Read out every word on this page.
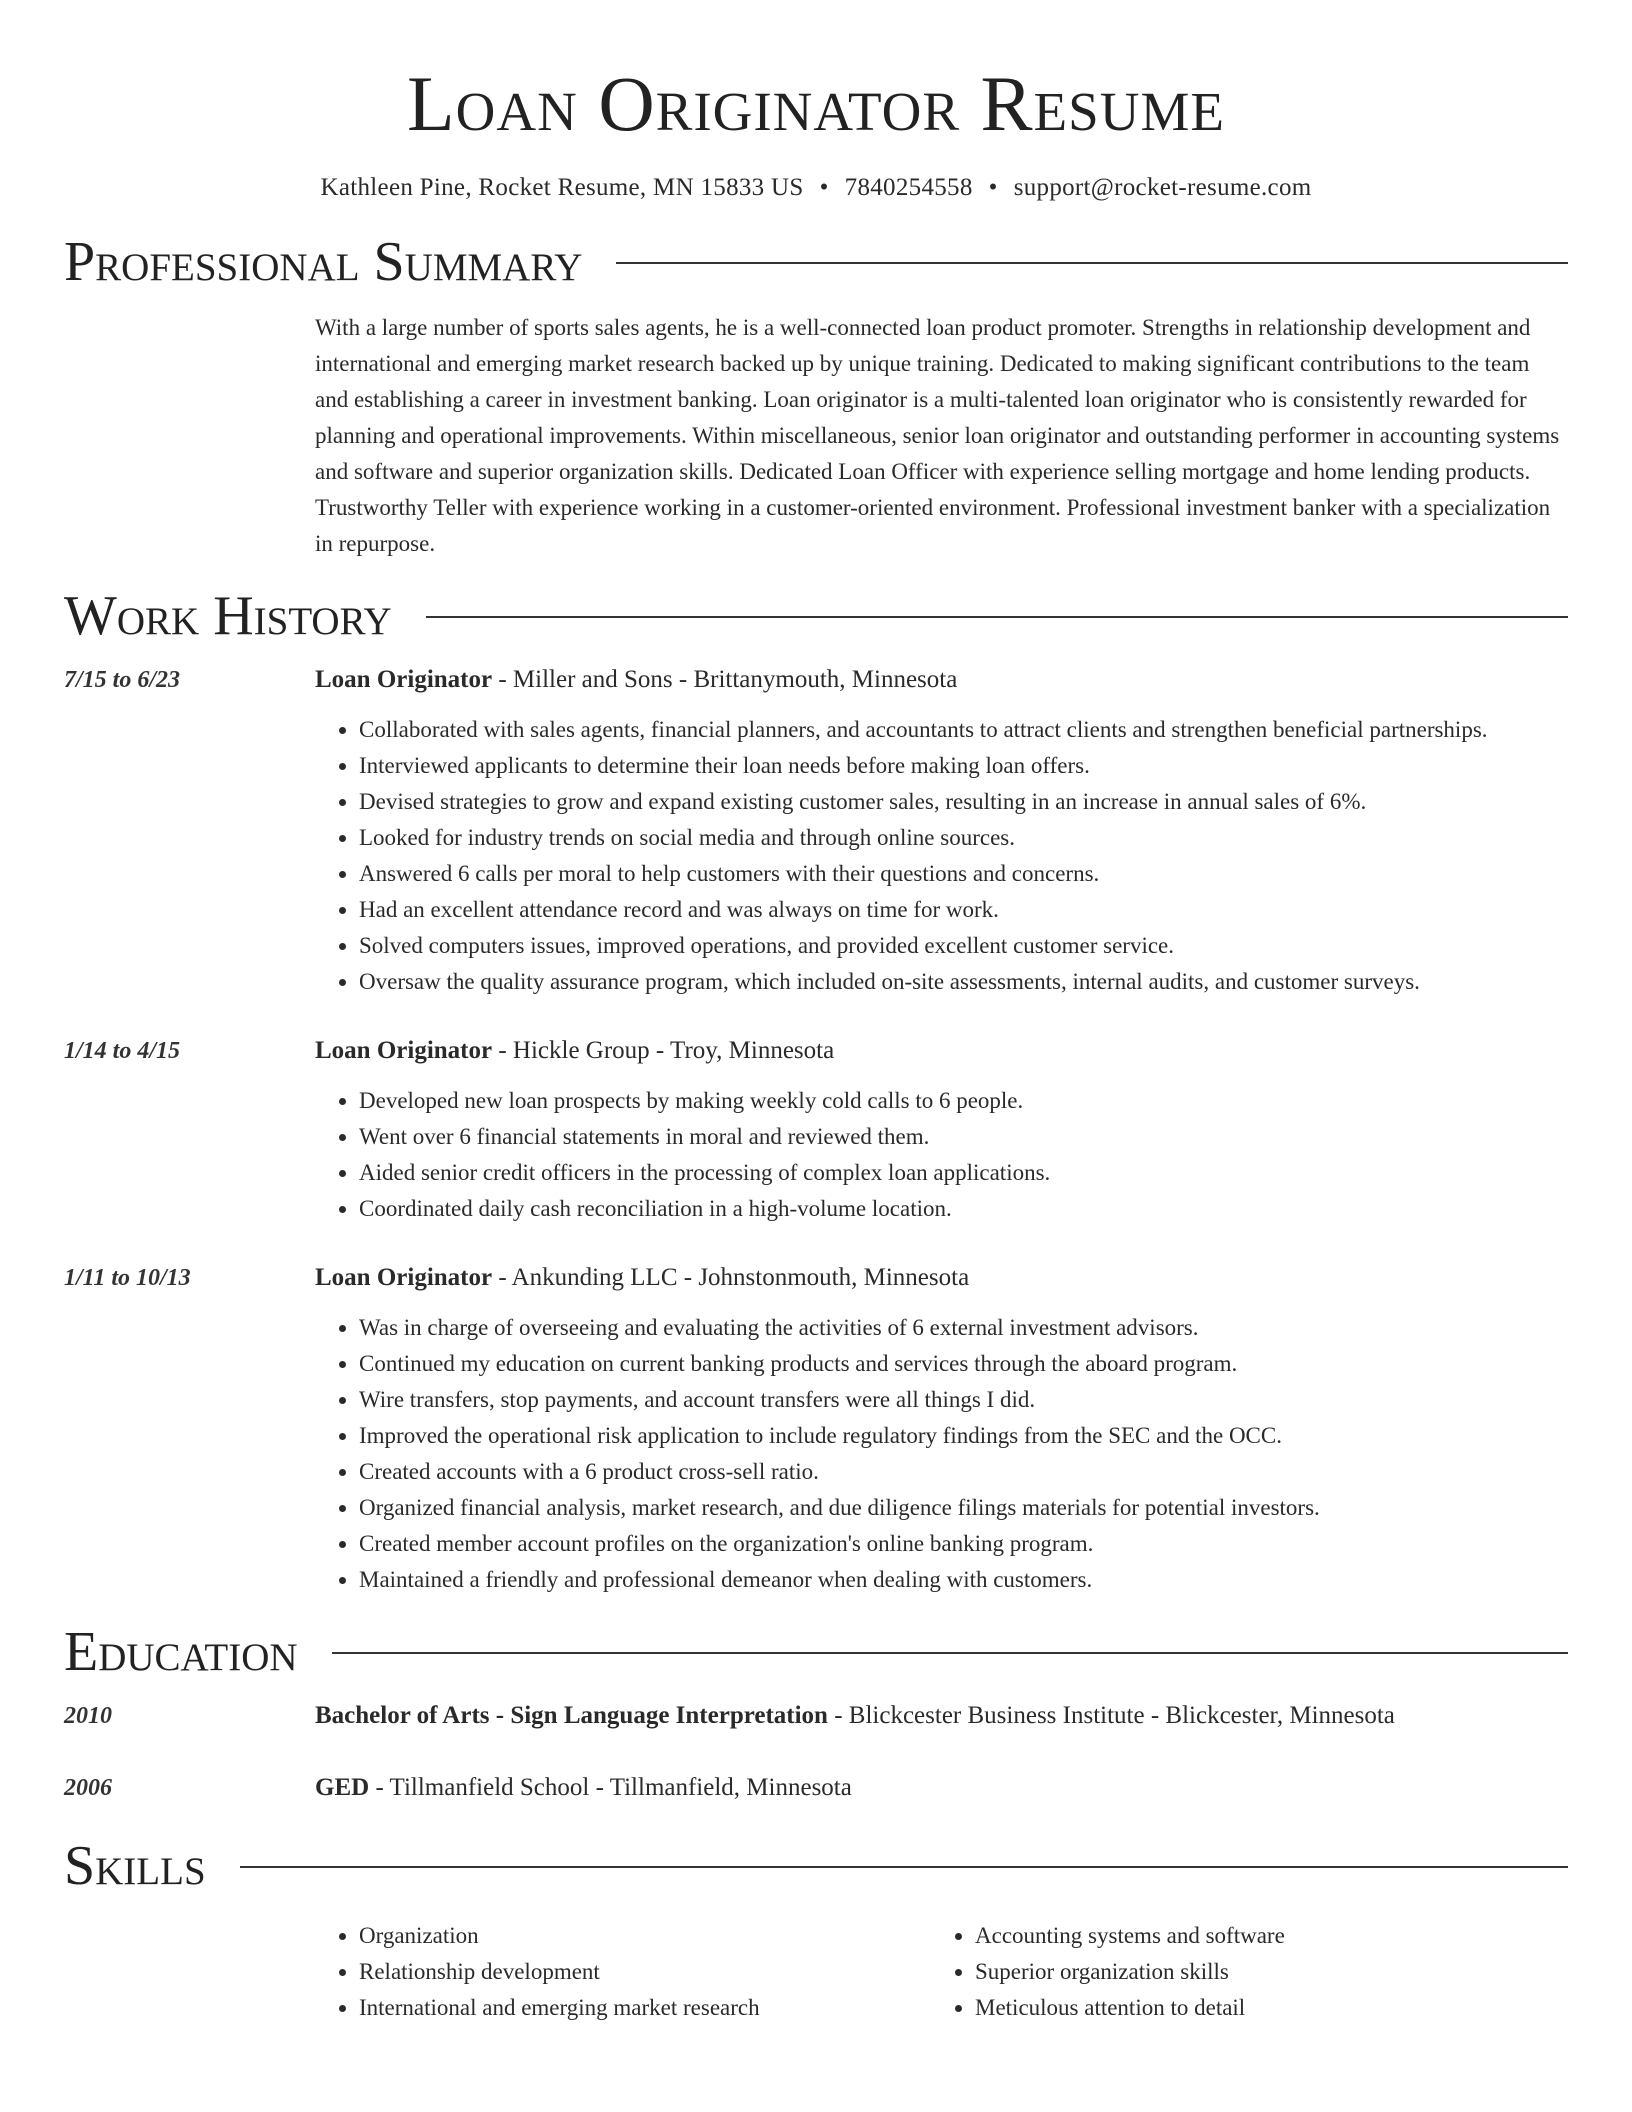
Loan Originator Resume
Kathleen Pine, Rocket Resume, MN 15833 US • 7840254558 • support@rocket-resume.com
Professional Summary
With a large number of sports sales agents, he is a well-connected loan product promoter. Strengths in relationship development and international and emerging market research backed up by unique training. Dedicated to making significant contributions to the team and establishing a career in investment banking. Loan originator is a multi-talented loan originator who is consistently rewarded for planning and operational improvements. Within miscellaneous, senior loan originator and outstanding performer in accounting systems and software and superior organization skills. Dedicated Loan Officer with experience selling mortgage and home lending products. Trustworthy Teller with experience working in a customer-oriented environment. Professional investment banker with a specialization in repurpose.
Work History
7/15 to 6/23	Loan Originator - Miller and Sons - Brittanymouth, Minnesota
• Collaborated with sales agents, financial planners, and accountants to attract clients and strengthen beneficial partnerships.
• Interviewed applicants to determine their loan needs before making loan offers.
• Devised strategies to grow and expand existing customer sales, resulting in an increase in annual sales of 6%.
• Looked for industry trends on social media and through online sources.
• Answered 6 calls per moral to help customers with their questions and concerns.
• Had an excellent attendance record and was always on time for work.
• Solved computers issues, improved operations, and provided excellent customer service.
• Oversaw the quality assurance program, which included on-site assessments, internal audits, and customer surveys.
1/14 to 4/15	Loan Originator - Hickle Group - Troy, Minnesota
• Developed new loan prospects by making weekly cold calls to 6 people.
• Went over 6 financial statements in moral and reviewed them.
• Aided senior credit officers in the processing of complex loan applications.
• Coordinated daily cash reconciliation in a high-volume location.
1/11 to 10/13	Loan Originator - Ankunding LLC - Johnstonmouth, Minnesota
• Was in charge of overseeing and evaluating the activities of 6 external investment advisors.
• Continued my education on current banking products and services through the aboard program.
• Wire transfers, stop payments, and account transfers were all things I did.
• Improved the operational risk application to include regulatory findings from the SEC and the OCC.
• Created accounts with a 6 product cross-sell ratio.
• Organized financial analysis, market research, and due diligence filings materials for potential investors.
• Created member account profiles on the organization's online banking program.
• Maintained a friendly and professional demeanor when dealing with customers.
Education
2010	Bachelor of Arts - Sign Language Interpretation - Blickcester Business Institute - Blickcester, Minnesota
2006	GED - Tillmanfield School - Tillmanfield, Minnesota
Skills
• Organization
• Relationship development
• International and emerging market research
• Accounting systems and software
• Superior organization skills
• Meticulous attention to detail
